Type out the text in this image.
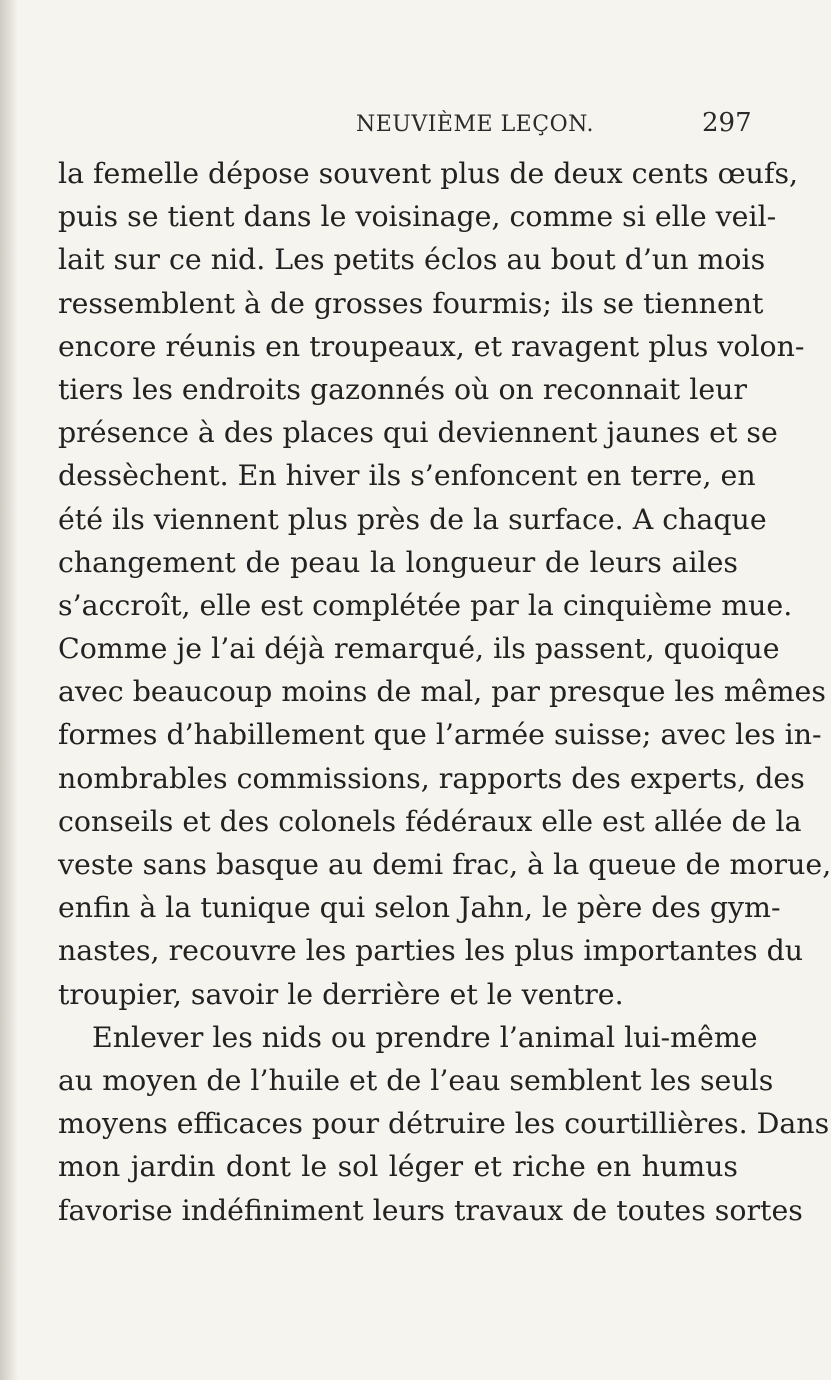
NEUVIÈME LEÇON.	297
la femelle dépose souvent plus de deux cents œufs,
puis se tient dans le voisinage, comme si elle veil-
lait sur ce nid. Les petits éclos au bout d’un mois
ressemblent à de grosses fourmis; ils se tiennent
encore réunis en troupeaux, et ravagent plus volon-
tiers les endroits gazonnés où on reconnait leur
présence à des places qui deviennent jaunes et se
dessèchent. En hiver ils s’enfoncent en terre, en
été ils viennent plus près de la surface. A chaque
changement de peau la longueur de leurs ailes
s’accroît, elle est complétée par la cinquième mue.
Comme je l’ai déjà remarqué, ils passent, quoique
avec beaucoup moins de mal, par presque les mêmes
formes d’habillement que l’armée suisse; avec les in-
nombrables commissions, rapports des experts, des
conseils et des colonels fédéraux elle est allée de la
veste sans basque au demi frac, à la queue de morue,
enfin à la tunique qui selon Jahn, le père des gym-
nastes, recouvre les parties les plus importantes du
troupier, savoir le derrière et le ventre.
Enlever les nids ou prendre l’animal lui-même
au moyen de l’huile et de l’eau semblent les seuls
moyens efficaces pour détruire les courtillières. Dans
mon jardin dont le sol léger et riche en humus
favorise indéfiniment leurs travaux de toutes sortes
